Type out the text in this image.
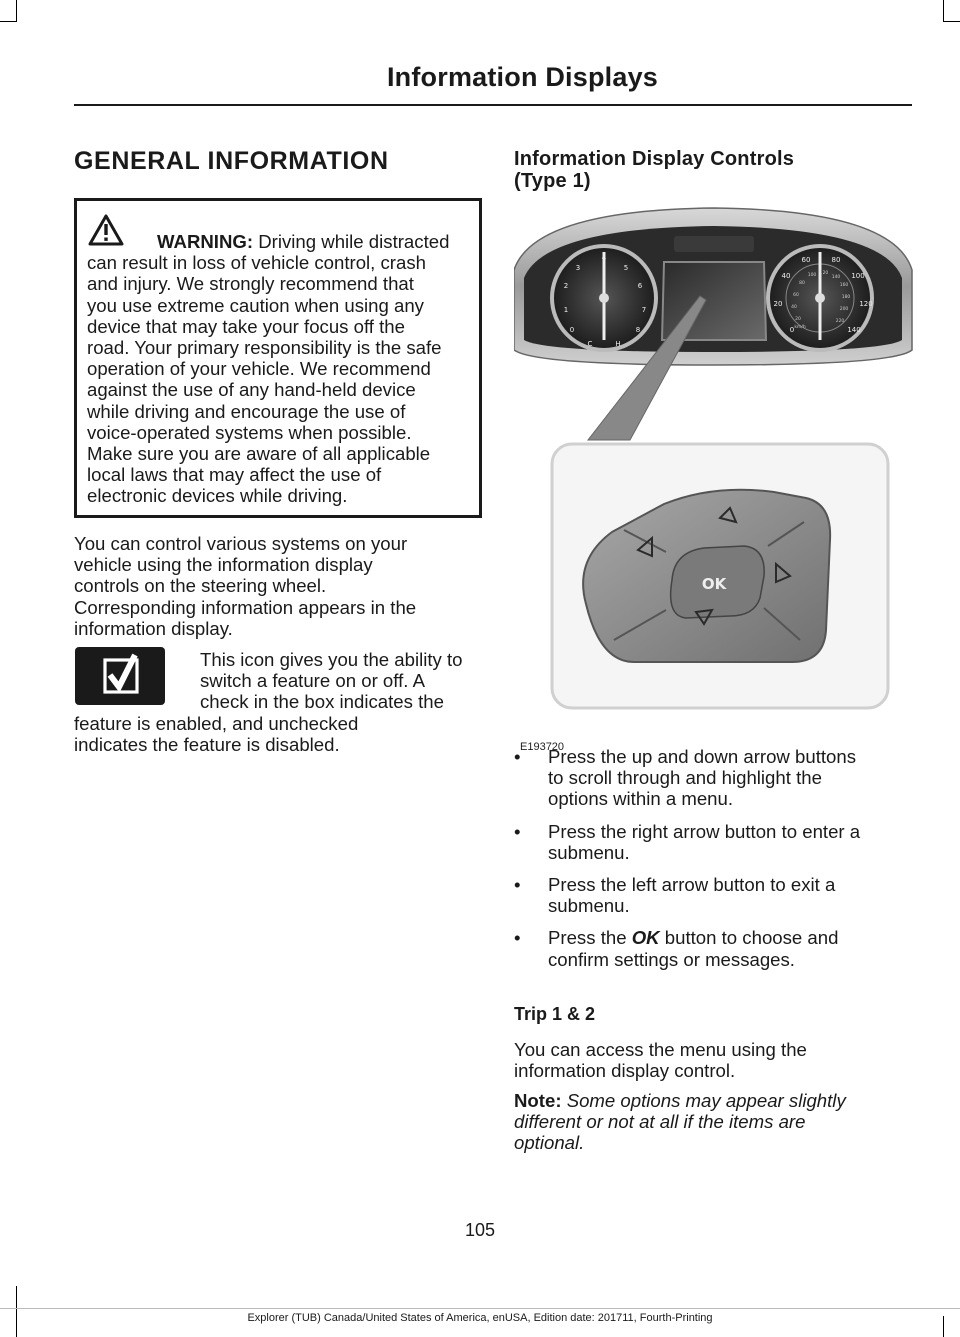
Information Displays
GENERAL INFORMATION
WARNING: Driving while distracted
can result in loss of vehicle control, crash
and injury. We strongly recommend that
you use extreme caution when using any
device that may take your focus off the
road. Your primary responsibility is the safe
operation of your vehicle. We recommend
against the use of any hand-held device
while driving and encourage the use of
voice-operated systems when possible.
Make sure you are aware of all applicable
local laws that may affect the use of
electronic devices while driving.
You can control various systems on your
vehicle using the information display
controls on the steering wheel.
Corresponding information appears in the
information display.
This icon gives you the ability to
switch a feature on or off. A
check in the box indicates the
feature is enabled, and unchecked
indicates the feature is disabled.
Information Display Controls
(Type 1)
0
1
2
3
4
5
6
7
8
C	H
0
20
40
60	80
100
120
140
20
40
60
80
100 120
140
160
180
200
220
km/h
OK
E193720
• Press the up and down arrow buttons
to scroll through and highlight the
options within a menu.
• Press the right arrow button to enter a
submenu.
• Press the left arrow button to exit a
submenu.
• Press the OK button to choose and
confirm settings or messages.
Trip 1 & 2
You can access the menu using the
information display control.
Note: Some options may appear slightly
different or not at all if the items are
optional.
105
Explorer (TUB) Canada/United States of America, enUSA, Edition date: 201711, Fourth-Printing
